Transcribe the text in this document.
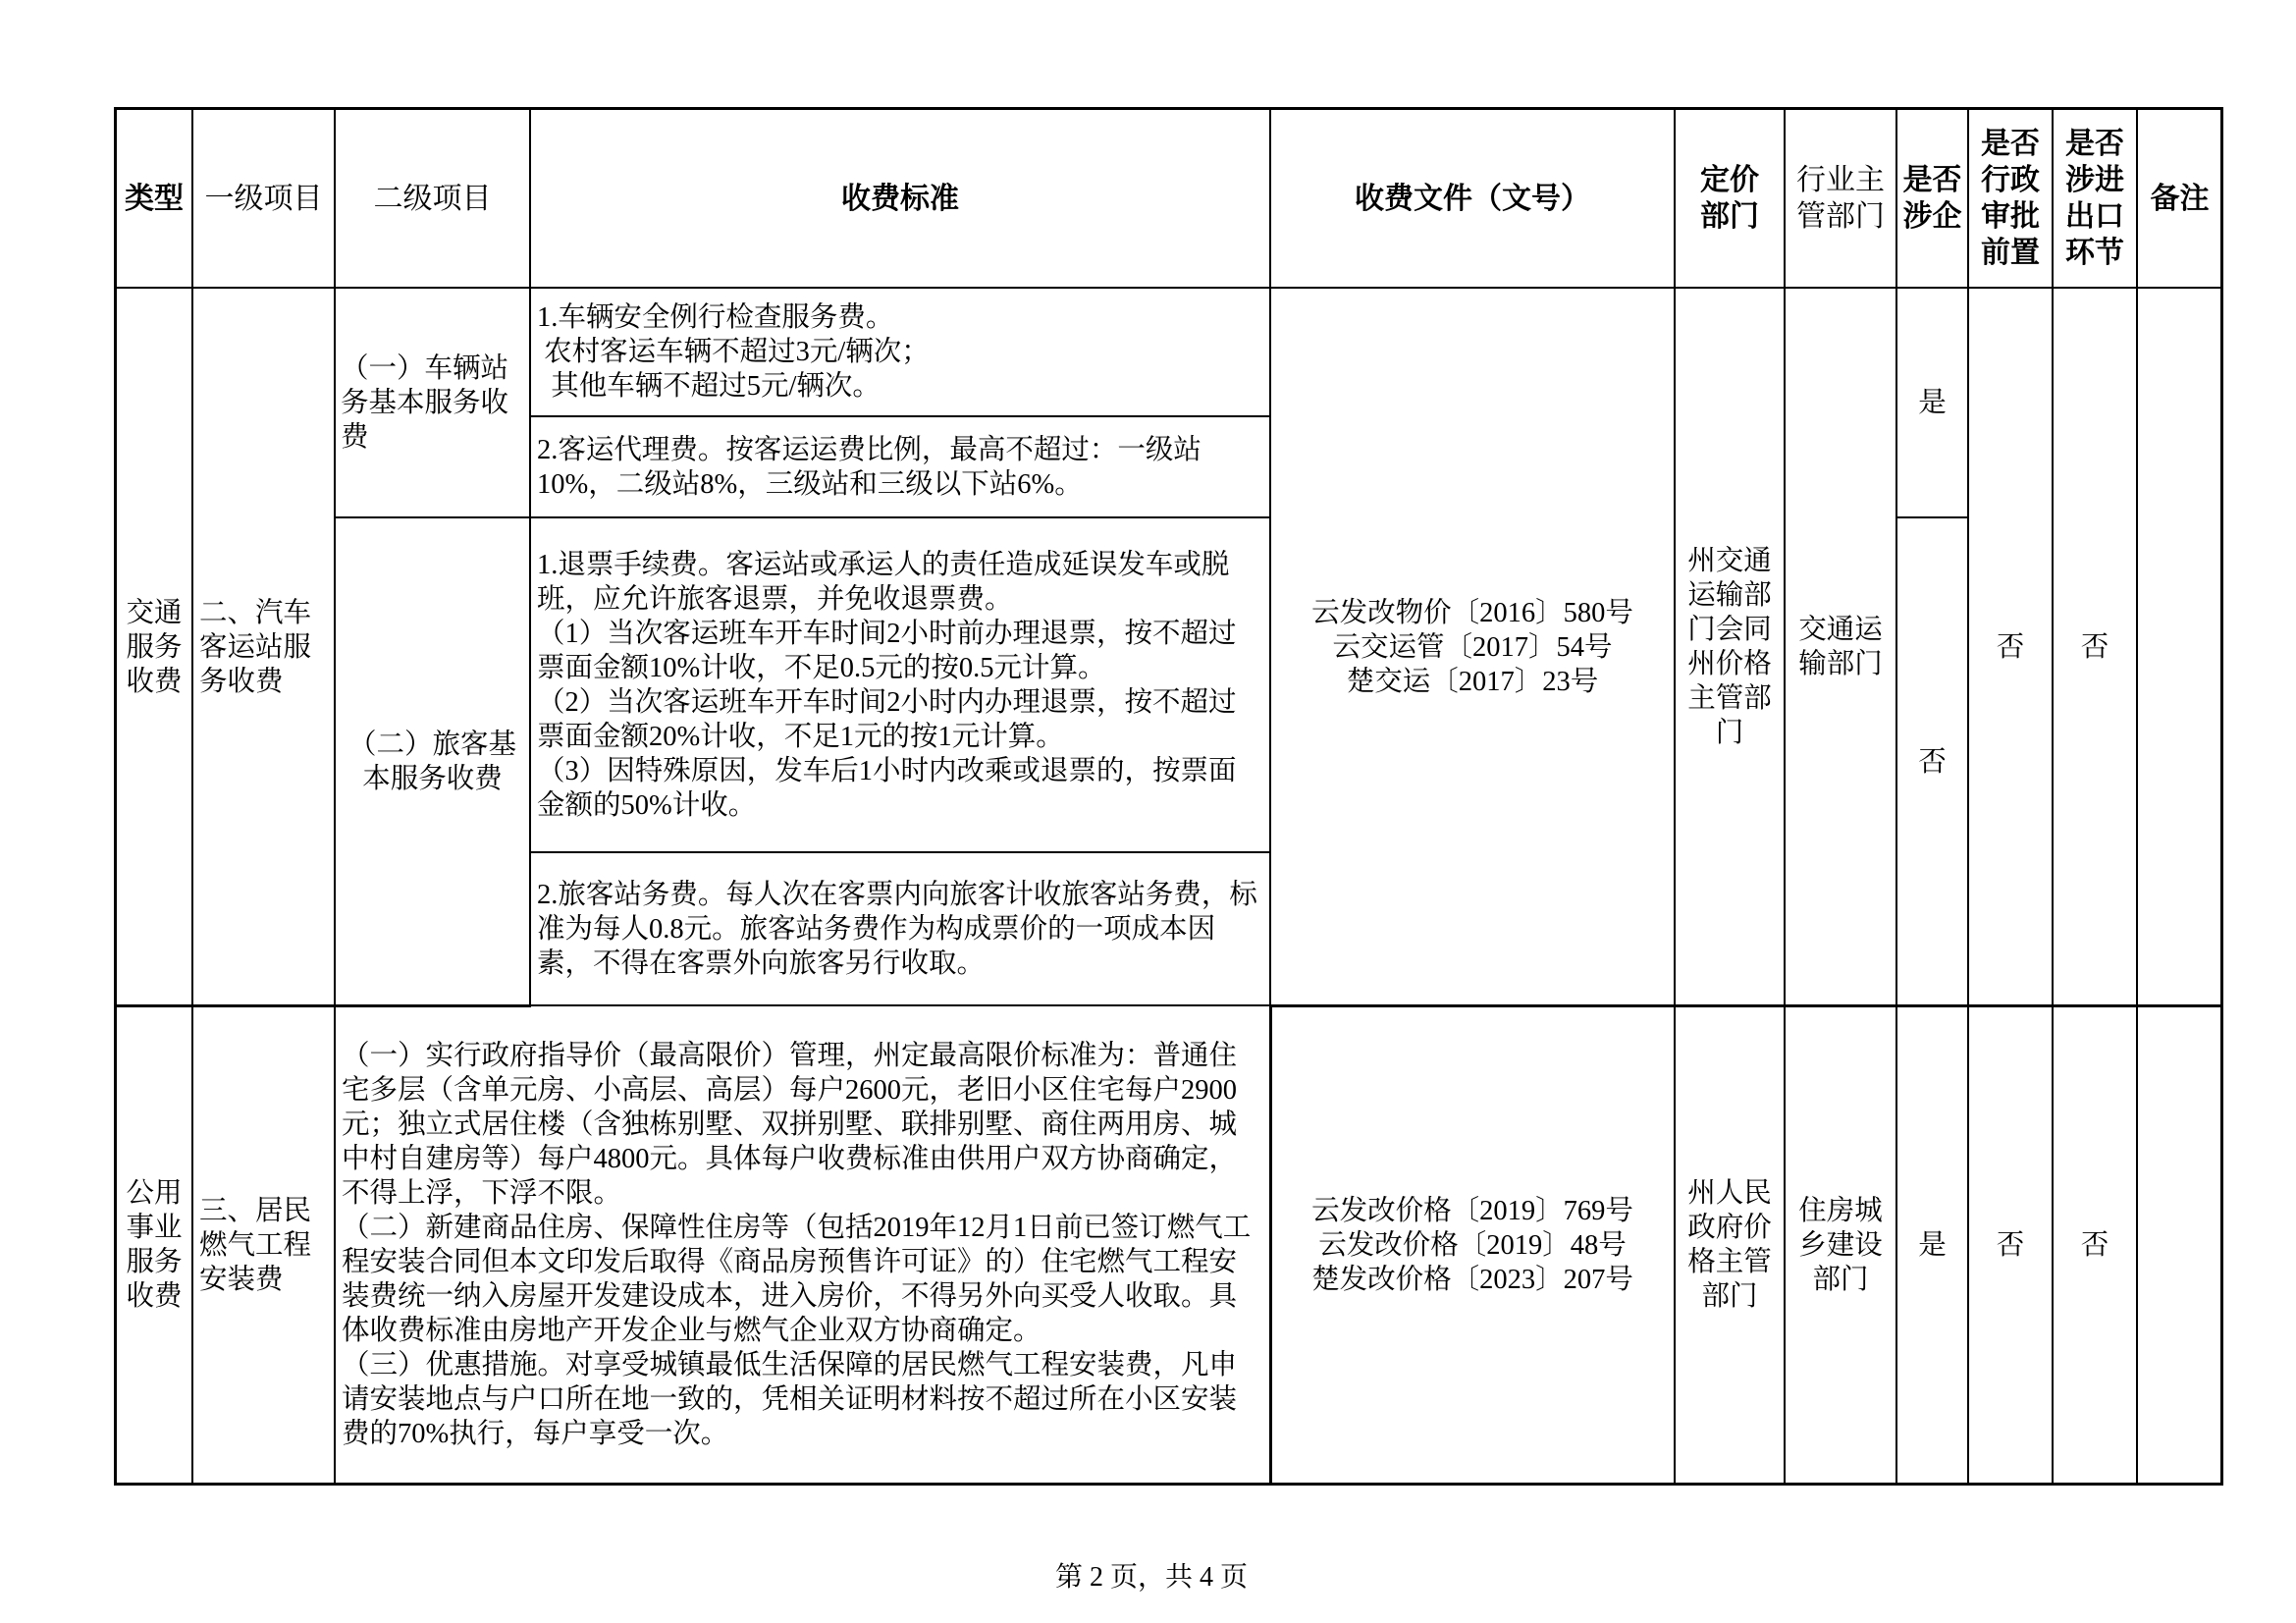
类型 一级项目 二级项目	收费标准	收费文件（文号）
定价部门
行业主管部门
是否涉企
是否行政审批前置
是否涉进出口环节
备注
交通服务收费
二、汽车客运站服务收费
（一）车辆站务基本服务收费
（二）旅客基本服务收费
1.车辆安全例行检查服务费。
农村客运车辆不超过3元/辆次；
其他车辆不超过5元/辆次。
2.客运代理费。按客运运费比例，最高不超过：一级站
10%，二级站8%，三级站和三级以下站6%。
1.退票手续费。客运站或承运人的责任造成延误发车或脱
班，应允许旅客退票，并免收退票费。
（1）当次客运班车开车时间2小时前办理退票，按不超过
票面金额10%计收，不足0.5元的按0.5元计算。
（2）当次客运班车开车时间2小时内办理退票，按不超过
票面金额20%计收，不足1元的按1元计算。
（3）因特殊原因，发车后1小时内改乘或退票的，按票面
金额的50%计收。
2.旅客站务费。每人次在客票内向旅客计收旅客站务费，标
准为每人0.8元。旅客站务费作为构成票价的一项成本因
素，不得在客票外向旅客另行收取。
云发改物价〔2016〕580号
云交运管〔2017〕54号
楚交运〔2017〕23号
州交通运输部门会同州价格主管部门
交通运输部门
是
否
否 否
公用事业服务收费
三、居民燃气工程安装费
（一）实行政府指导价（最高限价）管理，州定最高限价标准为：普通住
宅多层（含单元房、小高层、高层）每户2600元，老旧小区住宅每户2900
元；独立式居住楼（含独栋别墅、双拼别墅、联排别墅、商住两用房、城
中村自建房等）每户4800元。具体每户收费标准由供用户双方协商确定，
不得上浮，下浮不限。
（二）新建商品住房、保障性住房等（包括2019年12月1日前已签订燃气工
程安装合同但本文印发后取得《商品房预售许可证》的）住宅燃气工程安
装费统一纳入房屋开发建设成本，进入房价，不得另外向买受人收取。具
体收费标准由房地产开发企业与燃气企业双方协商确定。
（三）优惠措施。对享受城镇最低生活保障的居民燃气工程安装费，凡申
请安装地点与户口所在地一致的，凭相关证明材料按不超过所在小区安装
费的70%执行，每户享受一次。
云发改价格〔2019〕769号
云发改价格〔2019〕48号
楚发改价格〔2023〕207号
州人民政府价格主管部门
住房城乡建设部门
是 否 否
第 2 页，共 4 页
